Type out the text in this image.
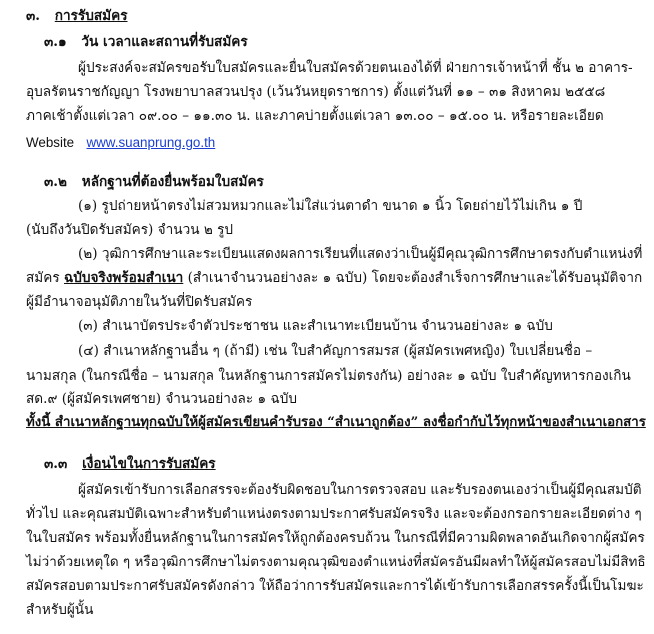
๓. การรับสมัคร
๓.๑ วัน เวลาและสถานที่รับสมัคร
ผู้ประสงค์จะสมัครขอรับใบสมัครและยื่นใบสมัครด้วยตนเองได้ที่ ฝ่ายการเจ้าหน้าที่ ชั้น ๒ อาคาร-
อุบลรัตนราชกัญญา โรงพยาบาลสวนปรุง (เว้นวันหยุดราชการ) ตั้งแต่วันที่ ๑๑ – ๓๑ สิงหาคม ๒๕๕๘
ภาคเช้าตั้งแต่เวลา ๐๙.๐๐ – ๑๑.๓๐ น. และภาคบ่ายตั้งแต่เวลา ๑๓.๐๐ – ๑๕.๐๐ น. หรือรายละเอียด
Website www.suanprung.go.th
๓.๒ หลักฐานที่ต้องยื่นพร้อมใบสมัคร
(๑) รูปถ่ายหน้าตรงไม่สวมหมวกและไม่ใส่แว่นตาดำ ขนาด ๑ นิ้ว โดยถ่ายไว้ไม่เกิน ๑ ปี
(นับถึงวันปิดรับสมัคร) จำนวน ๒ รูป
(๒) วุฒิการศึกษาและระเบียนแสดงผลการเรียนที่แสดงว่าเป็นผู้มีคุณวุฒิการศึกษาตรงกับตำแหน่งที่
สมัคร ฉบับจริงพร้อมสำเนา (สำเนาจำนวนอย่างละ ๑ ฉบับ) โดยจะต้องสำเร็จการศึกษาและได้รับอนุมัติจาก
ผู้มีอำนาจอนุมัติภายในวันที่ปิดรับสมัคร
(๓) สำเนาบัตรประจำตัวประชาชน และสำเนาทะเบียนบ้าน จำนวนอย่างละ ๑ ฉบับ
(๔) สำเนาหลักฐานอื่น ๆ (ถ้ามี) เช่น ใบสำคัญการสมรส (ผู้สมัครเพศหญิง) ใบเปลี่ยนชื่อ –
นามสกุล (ในกรณีชื่อ – นามสกุล ในหลักฐานการสมัครไม่ตรงกัน) อย่างละ ๑ ฉบับ ใบสำคัญทหารกองเกิน
สด.๙ (ผู้สมัครเพศชาย) จำนวนอย่างละ ๑ ฉบับ
ทั้งนี้ สำเนาหลักฐานทุกฉบับให้ผู้สมัครเขียนคำรับรอง “สำเนาถูกต้อง” ลงชื่อกำกับไว้ทุกหน้าของสำเนาเอกสาร
๓.๓ เงื่อนไขในการรับสมัคร
ผู้สมัครเข้ารับการเลือกสรรจะต้องรับผิดชอบในการตรวจสอบ และรับรองตนเองว่าเป็นผู้มีคุณสมบัติ
ทั่วไป และคุณสมบัติเฉพาะสำหรับตำแหน่งตรงตามประกาศรับสมัครจริง และจะต้องกรอกรายละเอียดต่าง ๆ
ในใบสมัคร พร้อมทั้งยื่นหลักฐานในการสมัครให้ถูกต้องครบถ้วน ในกรณีที่มีความผิดพลาดอันเกิดจากผู้สมัคร
ไม่ว่าด้วยเหตุใด ๆ หรือวุฒิการศึกษาไม่ตรงตามคุณวุฒิของตำแหน่งที่สมัครอันมีผลทำให้ผู้สมัครสอบไม่มีสิทธิ
สมัครสอบตามประกาศรับสมัครดังกล่าว ให้ถือว่าการรับสมัครและการได้เข้ารับการเลือกสรรครั้งนี้เป็นโมฆะ
สำหรับผู้นั้น
